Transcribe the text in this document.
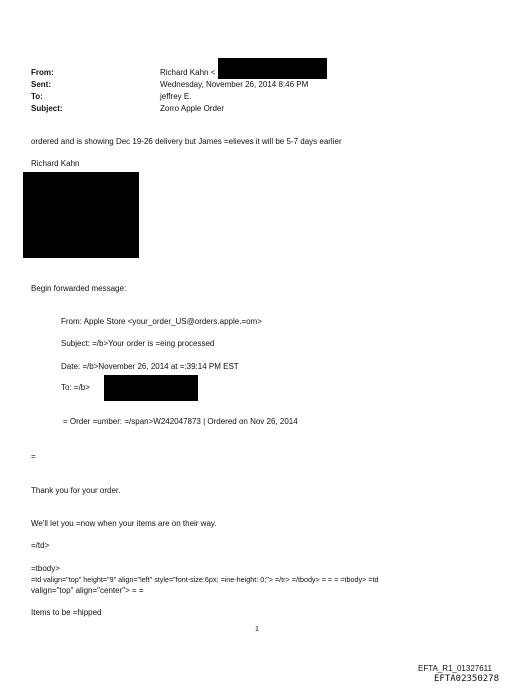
From:
Sent:
To:
Subject:
Richard Kahn <
Wednesday, November 26, 2014 8:46 PM
jeffrey E.
Zorro Apple Order
ordered and is showing Dec 19-26 delivery but James =elieves it will be 5-7 days earlier
Richard Kahn
Begin forwarded message:
From: Apple Store <your_order_US@orders.apple.=om>
Subject: =/b>Your order is =eing processed
Date: =/b>November 26, 2014 at =:39:14 PM EST
To: =/b>
= Order =umber: =/span>W242047873 | Ordered on Nov 26, 2014
=
Thank you for your order.
We'll let you =now when your items are on their way.
=/td>
=tbody>
=td valign="top" height="9" align="left" style="font-size:6px; =ine-height: 0;"> =/tr> =/tbody> = = = =tbody> =td
valign="top" align="center"> = =
Items to be =hipped
1
EFTA_R1_01327611
EFTA02350278
